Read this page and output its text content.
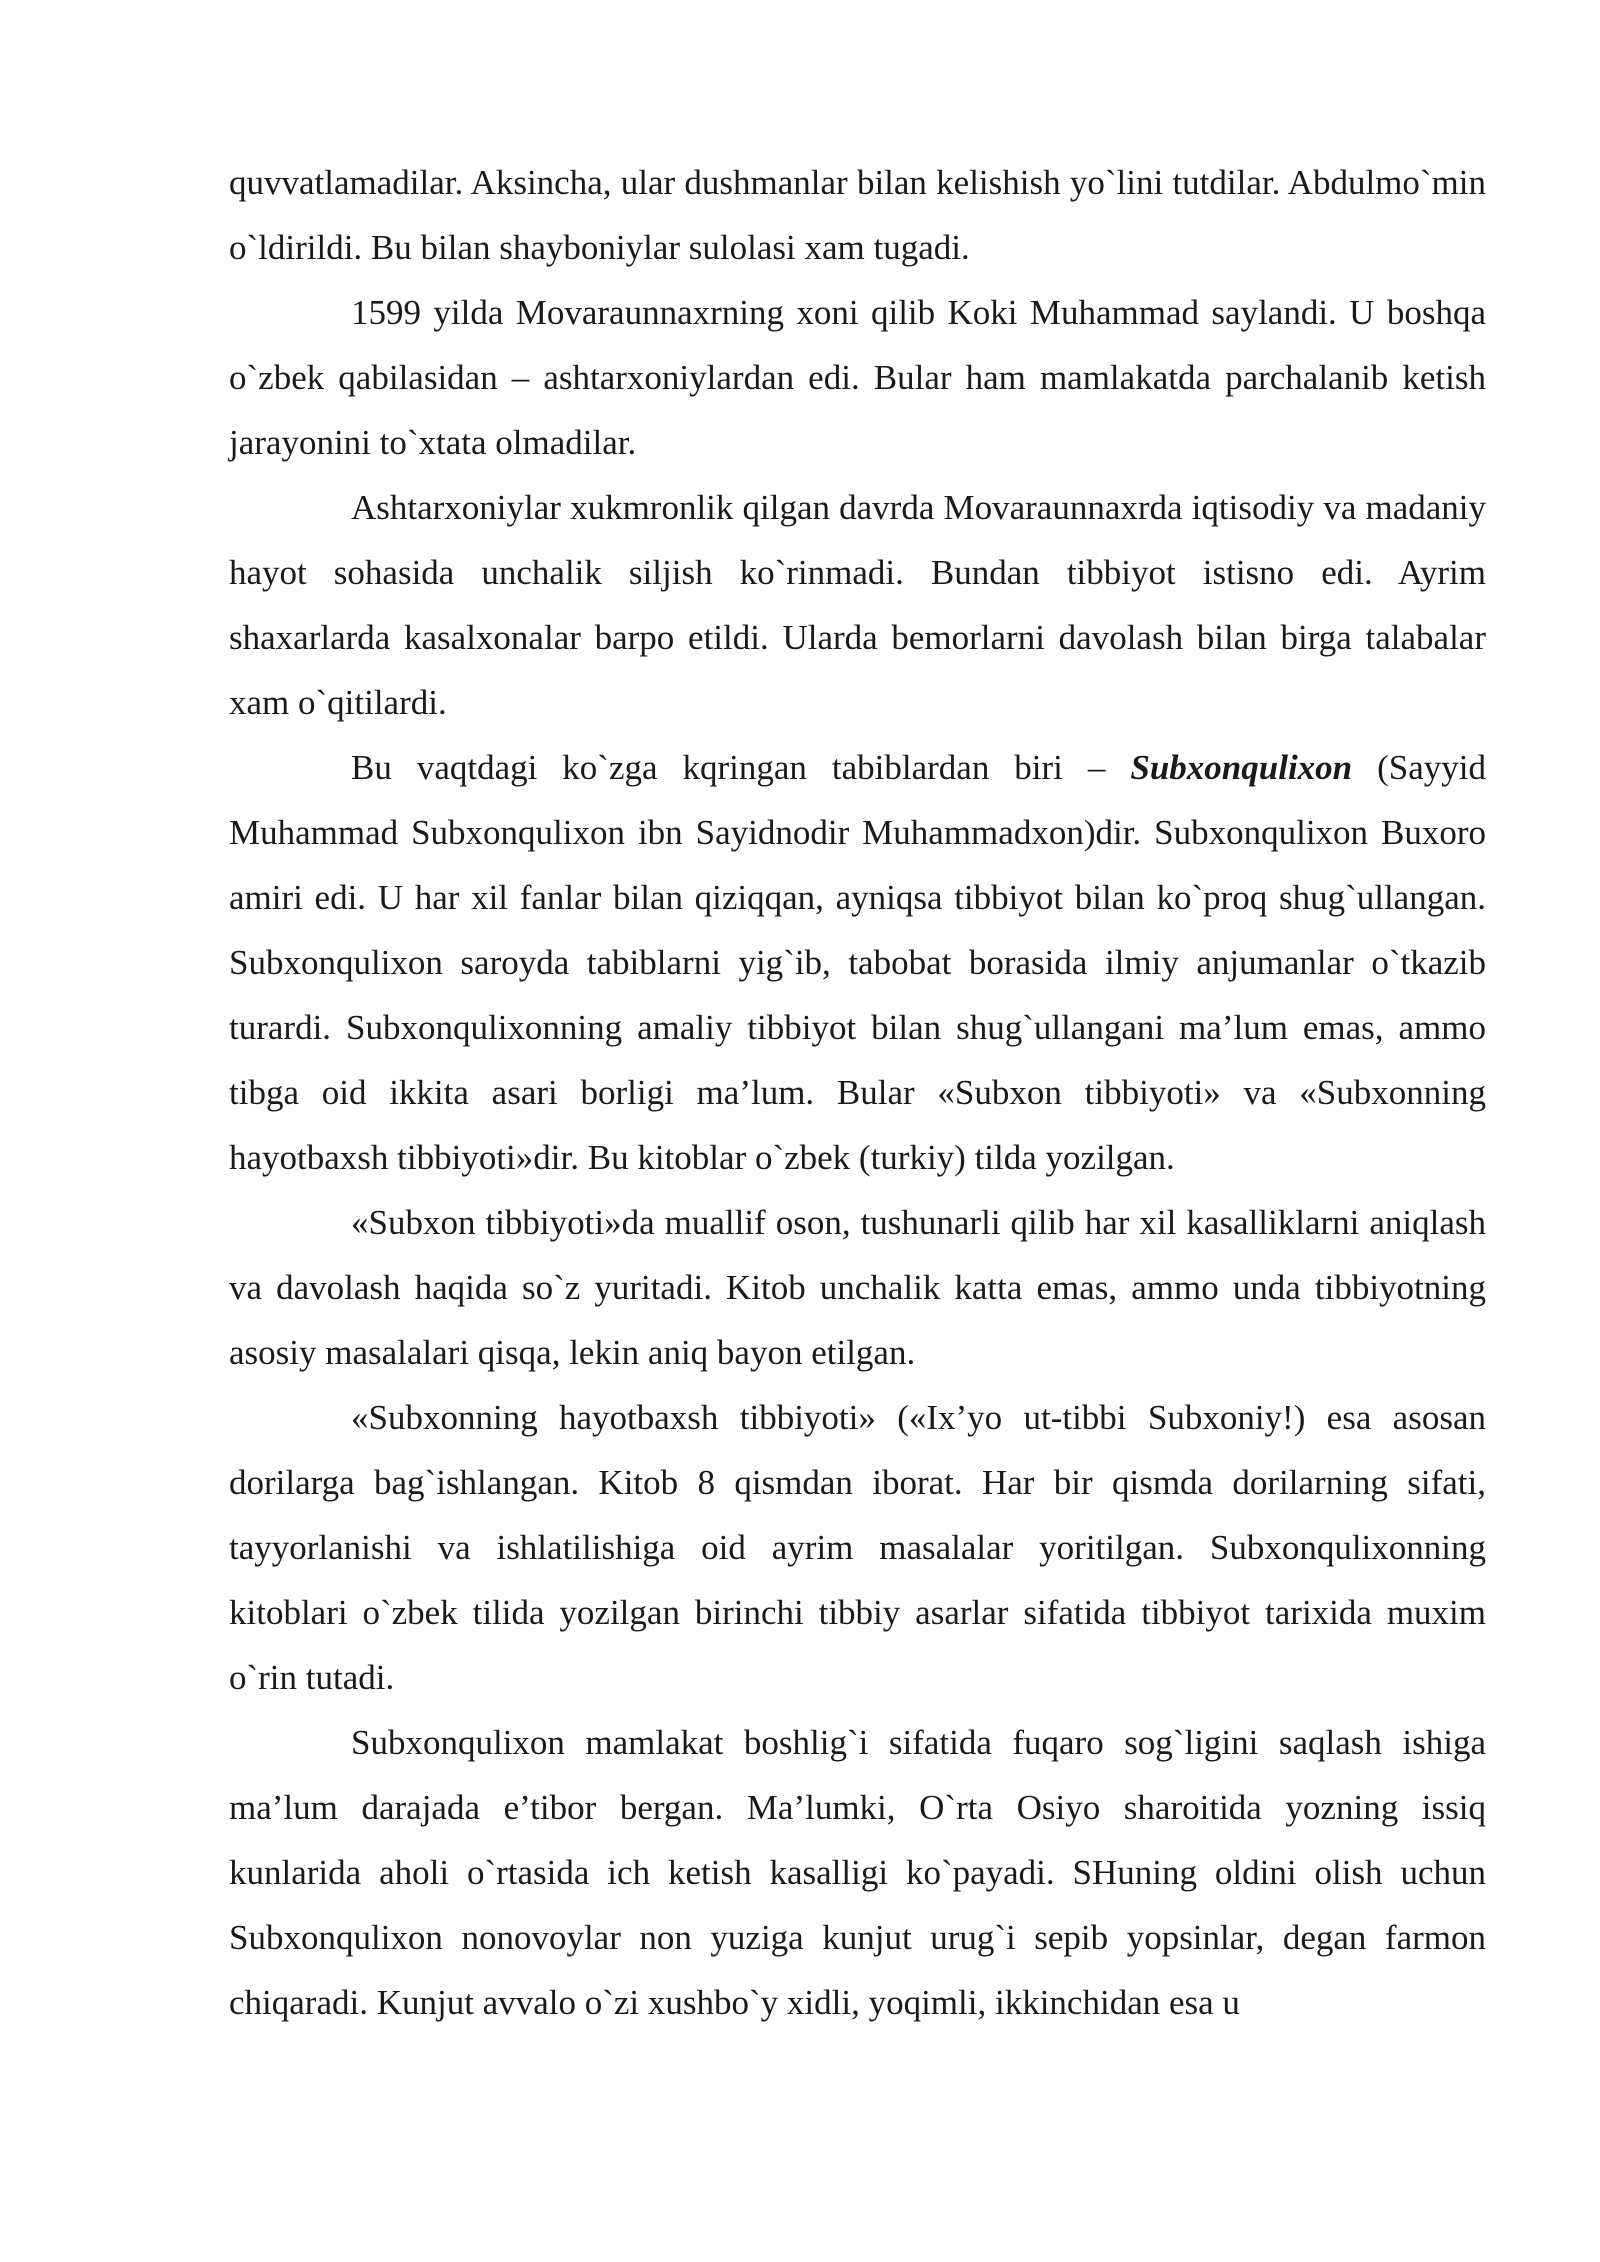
quvvatlamadilar. Aksincha, ular dushmanlar bilan kelishish yo`lini tutdilar. Abdulmo`min o`ldirildi. Bu bilan shayboniylar sulolasi xam tugadi.

1599 yilda Movaraunnaxrning xoni qilib Koki Muhammad saylandi. U boshqa o`zbek qabilasidan – ashtarxoniylardan edi. Bular ham mamlakatda parchalanib ketish jarayonini to`xtata olmadilar.

Ashtarxoniylar xukmronlik qilgan davrda Movaraunnaxrda iqtisodiy va madaniy hayot sohasida unchalik siljish ko`rinmadi. Bundan tibbiyot istisno edi. Ayrim shaxarlarda kasalxonalar barpo etildi. Ularda bemorlarni davolash bilan birga talabalar xam o`qitilardi.

Bu vaqtdagi ko`zga kqringan tabiblardan biri – Subxonqulixon (Sayyid Muhammad Subxonqulixon ibn Sayidnodir Muhammadxon)dir. Subxonqulixon Buxoro amiri edi. U har xil fanlar bilan qiziqqan, ayniqsa tibbiyot bilan ko`proq shug`ullangan. Subxonqulixon saroyda tabiblarni yig`ib, tabobat borasida ilmiy anjumanlar o`tkazib turardi. Subxonqulixonning amaliy tibbiyot bilan shug`ullangani ma’lum emas, ammo tibga oid ikkita asari borligi ma’lum. Bular «Subxon tibbiyoti» va «Subxonning hayotbaxsh tibbiyoti»dir. Bu kitoblar o`zbek (turkiy) tilda yozilgan.

«Subxon tibbiyoti»da muallif oson, tushunarli qilib har xil kasalliklarni aniqlash va davolash haqida so`z yuritadi. Kitob unchalik katta emas, ammo unda tibbiyotning asosiy masalalari qisqa, lekin aniq bayon etilgan.

«Subxonning hayotbaxsh tibbiyoti» («Ix’yo ut-tibbi Subxoniy!) esa asosan dorilarga bag`ishlangan. Kitob 8 qismdan iborat. Har bir qismda dorilarning sifati, tayyorlanishi va ishlatilishiga oid ayrim masalalar yoritilgan. Subxonqulixonning kitoblari o`zbek tilida yozilgan birinchi tibbiy asarlar sifatida tibbiyot tarixida muxim o`rin tutadi.

Subxonqulixon mamlakat boshlig`i sifatida fuqaro sog`ligini saqlash ishiga ma’lum darajada e’tibor bergan. Ma’lumki, O`rta Osiyo sharoitida yozning issiq kunlarida aholi o`rtasida ich ketish kasalligi ko`payadi. SHuning oldini olish uchun Subxonqulixon nonovoylar non yuziga kunjut urug`i sepib yopsinlar, degan farmon chiqaradi. Kunjut avvalo o`zi xushbo`y xidli, yoqimli, ikkinchidan esa u
